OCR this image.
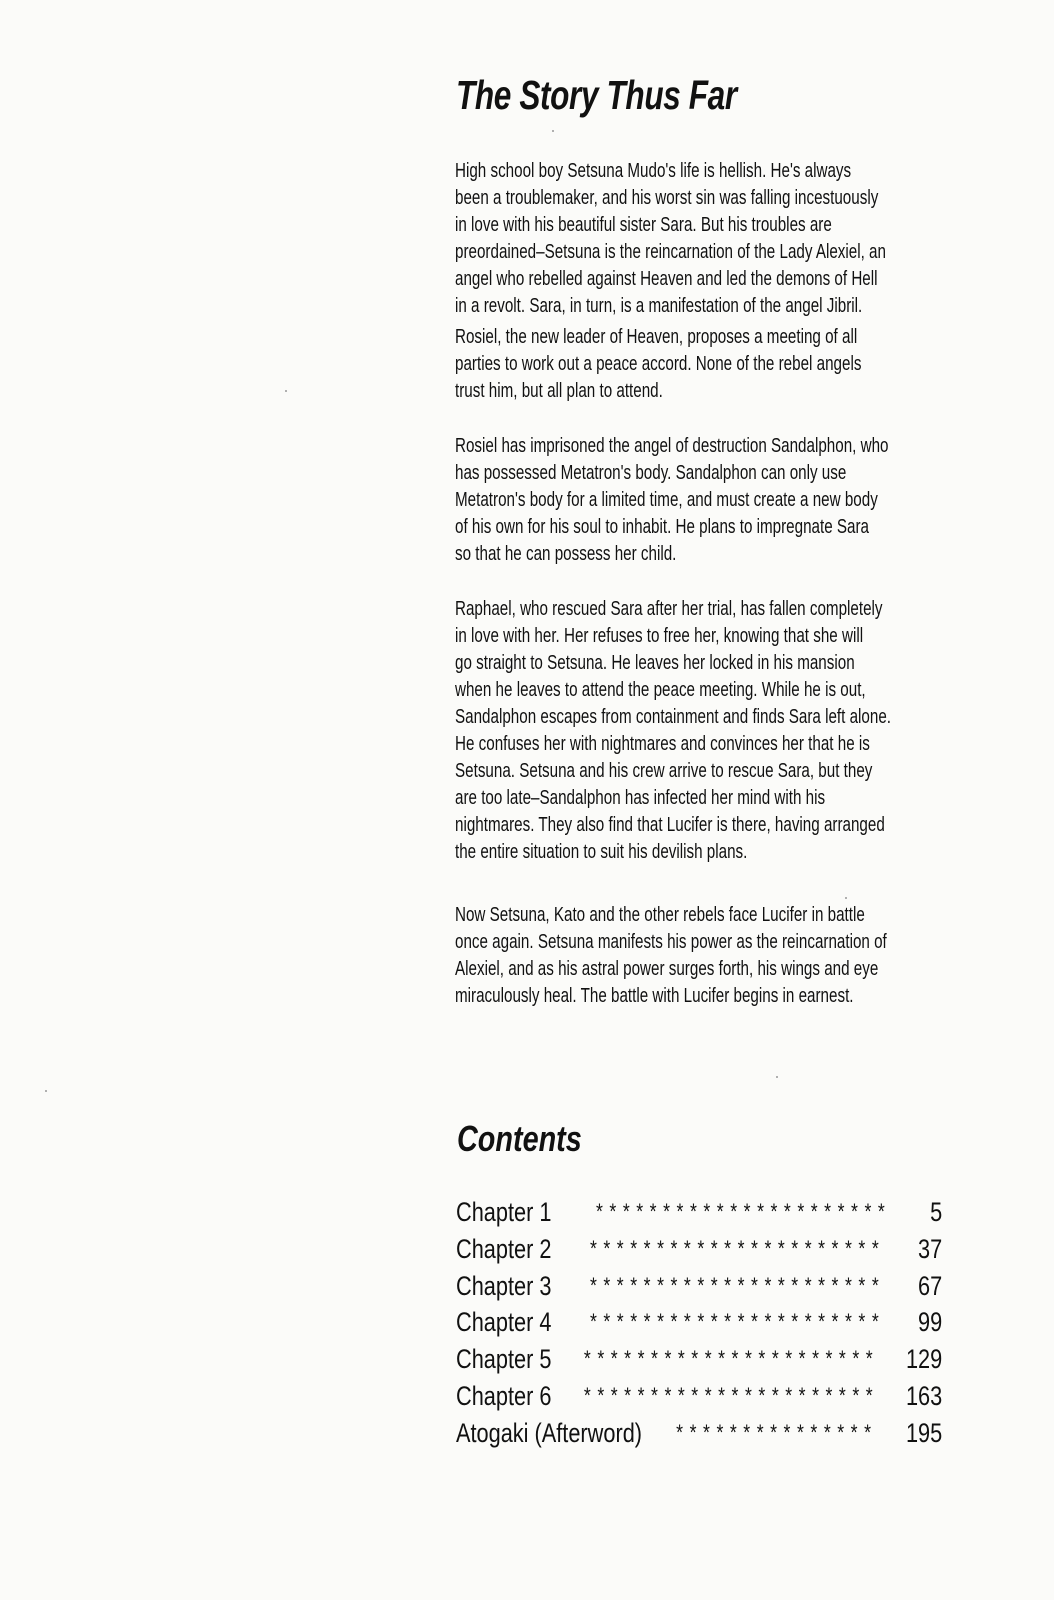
The Story Thus Far

High school boy Setsuna Mudo's life is hellish. He's always
been a troublemaker, and his worst sin was falling incestuously
in love with his beautiful sister Sara. But his troubles are
preordained–Setsuna is the reincarnation of the Lady Alexiel, an
angel who rebelled against Heaven and led the demons of Hell
in a revolt. Sara, in turn, is a manifestation of the angel Jibril.

Rosiel, the new leader of Heaven, proposes a meeting of all
parties to work out a peace accord. None of the rebel angels
trust him, but all plan to attend.

Rosiel has imprisoned the angel of destruction Sandalphon, who
has possessed Metatron's body. Sandalphon can only use
Metatron's body for a limited time, and must create a new body
of his own for his soul to inhabit. He plans to impregnate Sara
so that he can possess her child.

Raphael, who rescued Sara after her trial, has fallen completely
in love with her. Her refuses to free her, knowing that she will
go straight to Setsuna. He leaves her locked in his mansion
when he leaves to attend the peace meeting. While he is out,
Sandalphon escapes from containment and finds Sara left alone.
He confuses her with nightmares and convinces her that he is
Setsuna. Setsuna and his crew arrive to rescue Sara, but they
are too late–Sandalphon has infected her mind with his
nightmares. They also find that Lucifer is there, having arranged
the entire situation to suit his devilish plans.

Now Setsuna, Kato and the other rebels face Lucifer in battle
once again. Setsuna manifests his power as the reincarnation of
Alexiel, and as his astral power surges forth, his wings and eye
miraculously heal. The battle with Lucifer begins in earnest.

Contents
Chapter 1	* * * * * * * * * * * * * * * * * * * * * *	5
Chapter 2	* * * * * * * * * * * * * * * * * * * * * *	37
Chapter 3	* * * * * * * * * * * * * * * * * * * * * *	67
Chapter 4	* * * * * * * * * * * * * * * * * * * * * *	99
Chapter 5	* * * * * * * * * * * * * * * * * * * * * *	129
Chapter 6	* * * * * * * * * * * * * * * * * * * * * *	163
Atogaki (Afterword)	* * * * * * * * * * * * * * *	195
